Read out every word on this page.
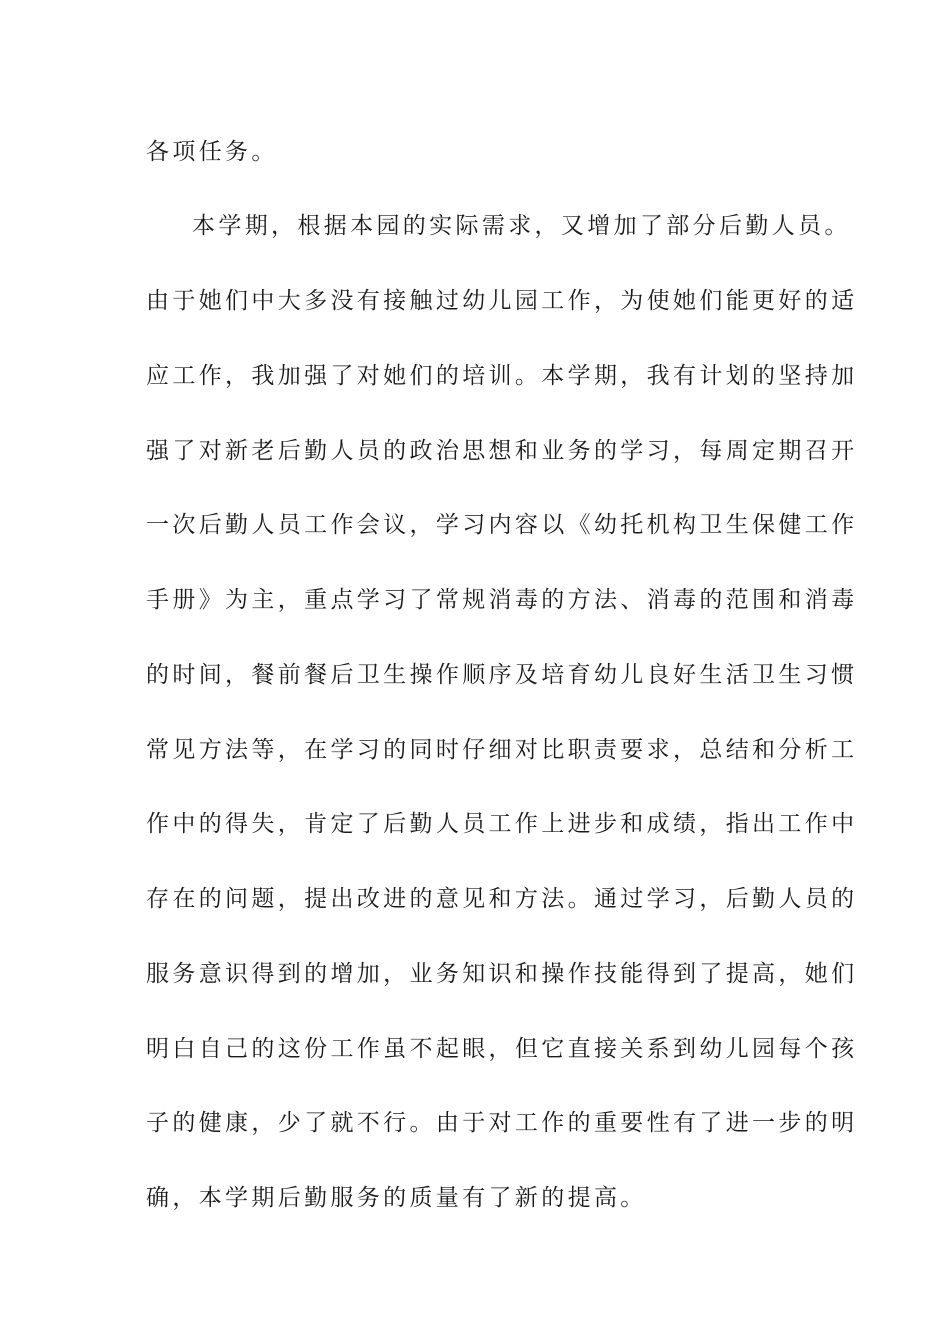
各项任务。
本学期，根据本园的实际需求，又增加了部分后勤人员。
由于她们中大多没有接触过幼儿园工作，为使她们能更好的适
应工作，我加强了对她们的培训。本学期，我有计划的坚持加
强了对新老后勤人员的政治思想和业务的学习，每周定期召开
一次后勤人员工作会议，学习内容以《幼托机构卫生保健工作
手册》为主，重点学习了常规消毒的方法、消毒的范围和消毒
的时间，餐前餐后卫生操作顺序及培育幼儿良好生活卫生习惯
常见方法等，在学习的同时仔细对比职责要求，总结和分析工
作中的得失，肯定了后勤人员工作上进步和成绩，指出工作中
存在的问题，提出改进的意见和方法。通过学习，后勤人员的
服务意识得到的增加，业务知识和操作技能得到了提高，她们
明白自己的这份工作虽不起眼，但它直接关系到幼儿园每个孩
子的健康，少了就不行。由于对工作的重要性有了进一步的明
确，本学期后勤服务的质量有了新的提高。
